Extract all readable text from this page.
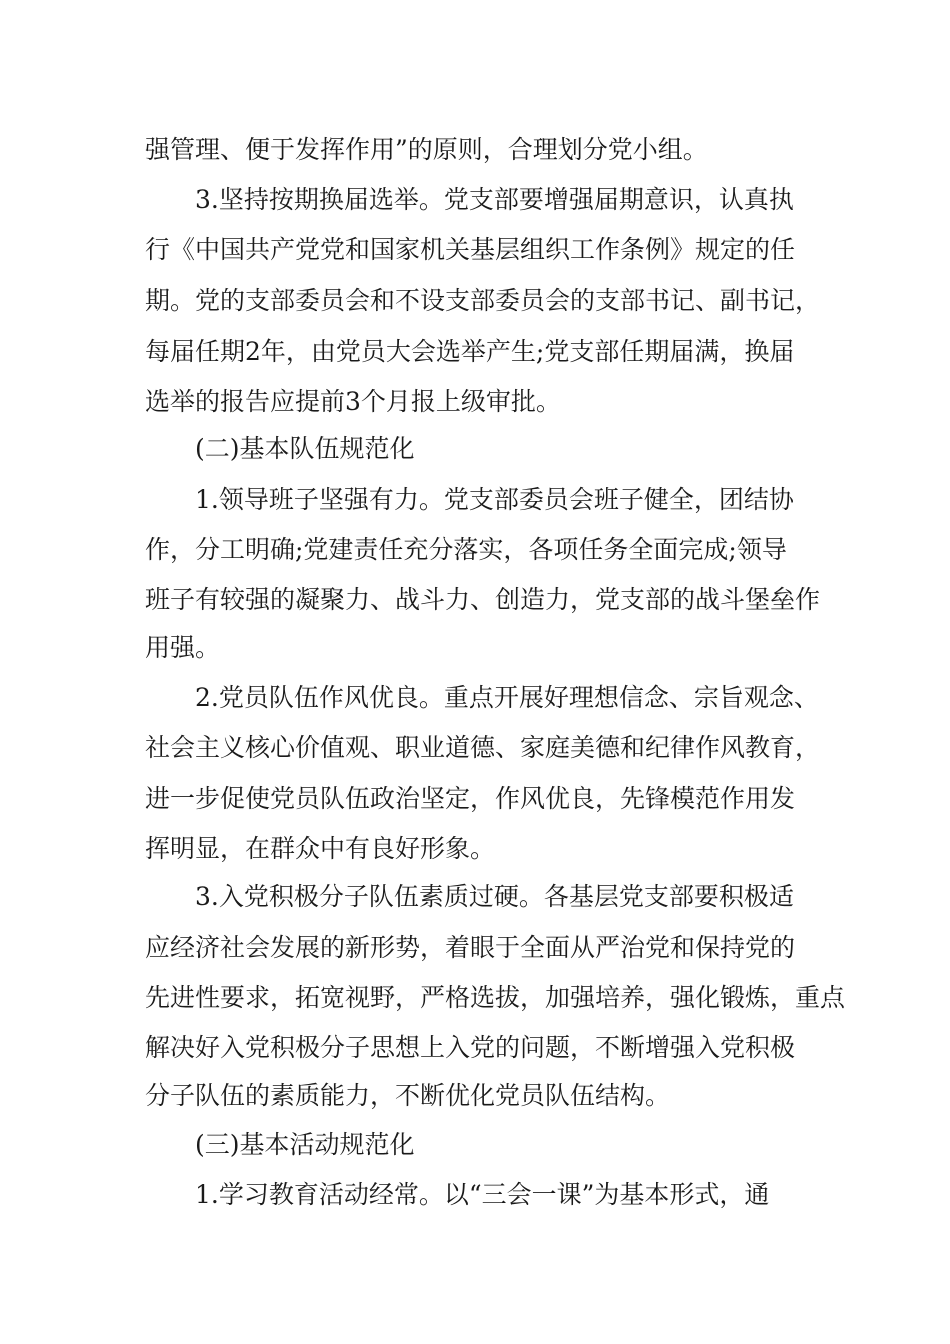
强管理、便于发挥作用”的原则，合理划分党小组。
3.坚持按期换届选举。党支部要增强届期意识，认真执
行《中国共产党党和国家机关基层组织工作条例》规定的任
期。党的支部委员会和不设支部委员会的支部书记、副书记，
每届任期2年，由党员大会选举产生;党支部任期届满，换届
选举的报告应提前3个月报上级审批。
(二)基本队伍规范化
1.领导班子坚强有力。党支部委员会班子健全，团结协
作，分工明确;党建责任充分落实，各项任务全面完成;领导
班子有较强的凝聚力、战斗力、创造力，党支部的战斗堡垒作
用强。
2.党员队伍作风优良。重点开展好理想信念、宗旨观念、
社会主义核心价值观、职业道德、家庭美德和纪律作风教育，
进一步促使党员队伍政治坚定，作风优良，先锋模范作用发
挥明显，在群众中有良好形象。
3.入党积极分子队伍素质过硬。各基层党支部要积极适
应经济社会发展的新形势，着眼于全面从严治党和保持党的
先进性要求，拓宽视野，严格选拔，加强培养，强化锻炼，重点
解决好入党积极分子思想上入党的问题，不断增强入党积极
分子队伍的素质能力，不断优化党员队伍结构。
(三)基本活动规范化
1.学习教育活动经常。以“三会一课”为基本形式，通
